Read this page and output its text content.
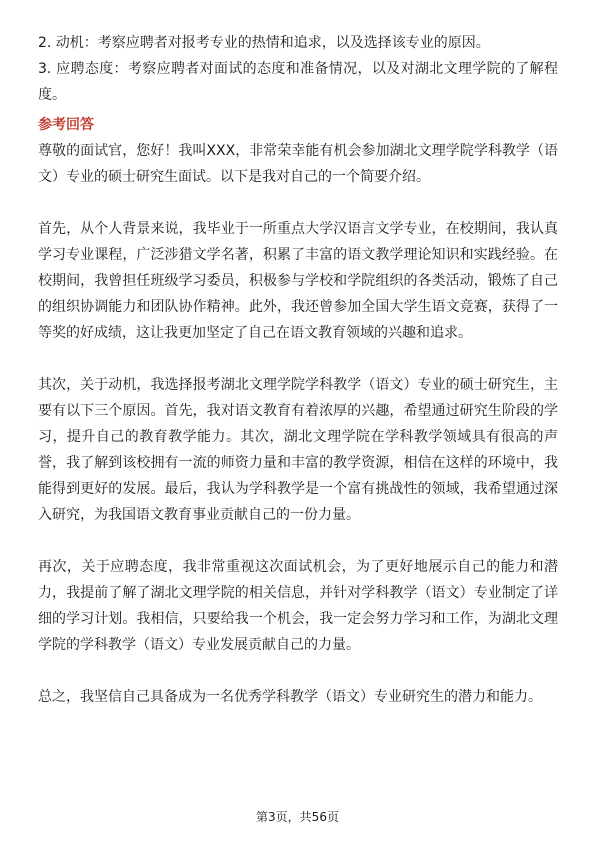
2. 动机：考察应聘者对报考专业的热情和追求，以及选择该专业的原因。

3. 应聘态度：考察应聘者对面试的态度和准备情况，以及对湖北文理学院的了解程度。

参考回答

尊敬的面试官，您好！我叫XXX，非常荣幸能有机会参加湖北文理学院学科教学（语文）专业的硕士研究生面试。以下是我对自己的一个简要介绍。

首先，从个人背景来说，我毕业于一所重点大学汉语言文学专业，在校期间，我认真学习专业课程，广泛涉猎文学名著，积累了丰富的语文教学理论知识和实践经验。在校期间，我曾担任班级学习委员，积极参与学校和学院组织的各类活动，锻炼了自己的组织协调能力和团队协作精神。此外，我还曾参加全国大学生语文竞赛，获得了一等奖的好成绩，这让我更加坚定了自己在语文教育领域的兴趣和追求。

其次，关于动机，我选择报考湖北文理学院学科教学（语文）专业的硕士研究生，主要有以下三个原因。首先，我对语文教育有着浓厚的兴趣，希望通过研究生阶段的学习，提升自己的教育教学能力。其次，湖北文理学院在学科教学领域具有很高的声誉，我了解到该校拥有一流的师资力量和丰富的教学资源，相信在这样的环境中，我能得到更好的发展。最后，我认为学科教学是一个富有挑战性的领域，我希望通过深入研究，为我国语文教育事业贡献自己的一份力量。

再次，关于应聘态度，我非常重视这次面试机会，为了更好地展示自己的能力和潜力，我提前了解了湖北文理学院的相关信息，并针对学科教学（语文）专业制定了详细的学习计划。我相信，只要给我一个机会，我一定会努力学习和工作，为湖北文理学院的学科教学（语文）专业发展贡献自己的力量。

总之，我坚信自己具备成为一名优秀学科教学（语文）专业研究生的潜力和能力。

第3页，共56页
